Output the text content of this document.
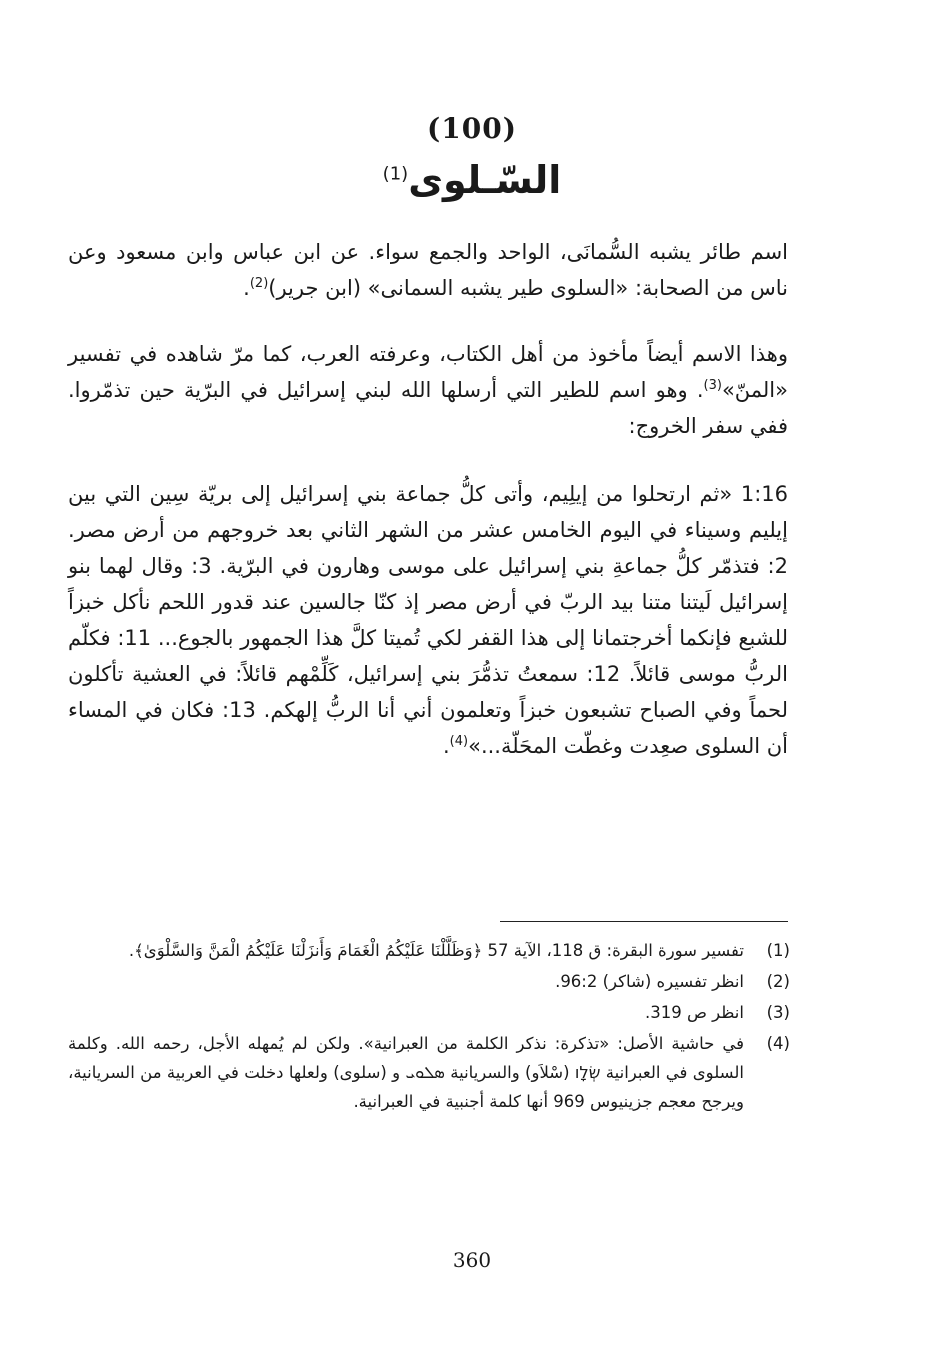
(100)
السّـلوى$^{(1)}$
اسم طائر يشبه السُّمانَى، الواحد والجمع سواء. عن ابن عباس وابن مسعود وعن ناس من الصحابة: «السلوى طير يشبه السمانى» (ابن جرير)$^{(2)}$.
وهذا الاسم أيضاً مأخوذ من أهل الكتاب، وعرفته العرب، كما مرّ شاهده في تفسير «المنّ»$^{(3)}$. وهو اسم للطير التي أرسلها الله لبني إسرائيل في البرّية حين تذمّروا. ففي سفر الخروج:
1:16 «ثم ارتحلوا من إيلِيم، وأتى كلُّ جماعة بني إسرائيل إلى بريّة سِين التي بين إيليم وسيناء في اليوم الخامس عشر من الشهر الثاني بعد خروجهم من أرض مصر. 2: فتذمّر كلُّ جماعةِ بني إسرائيل على موسى وهارون في البرّية. 3: وقال لهما بنو إسرائيل لَيتنا متنا بيد الربّ في أرض مصر إذ كنّا جالسين عند قدور اللحم نأكل خبزاً للشبع فإنكما أخرجتمانا إلى هذا القفر لكي تُميتا كلَّ هذا الجمهور بالجوع... 11: فكلّم الربُّ موسى قائلاً. 12: سمعتُ تذمُّرَ بني إسرائيل، كَلِّمْهم قائلاً: في العشية تأكلون لحماً وفي الصباح تشبعون خبزاً وتعلمون أني أنا الربُّ إلهكم. 13: فكان في المساء أن السلوى صعِدت وغطّت المحَلّة...»$^{(4)}$.
(1)
تفسير سورة البقرة: ق 118، الآية 57 ﴿وَظَلَّلْنَا عَلَيْكُمُ الْغَمَامَ وَأَنزَلْنَا عَلَيْكُمُ الْمَنَّ وَالسَّلْوَىٰ﴾.
(2)
انظر تفسيره (شاكر) 96:2.
(3)
انظر ص 319.
(4)
في حاشية الأصل: «تذكرة: نذكر الكلمة من العبرانية». ولكن لم يُمهله الأجل، رحمه الله. وكلمة السلوى في العبرانية שְׂלָו (سْلاَو) والسريانية ܣܠܘܝ و (سلوى) ولعلها دخلت في العربية من السريانية، ويرجح معجم جزينيوس 969 أنها كلمة أجنبية في العبرانية.
360
